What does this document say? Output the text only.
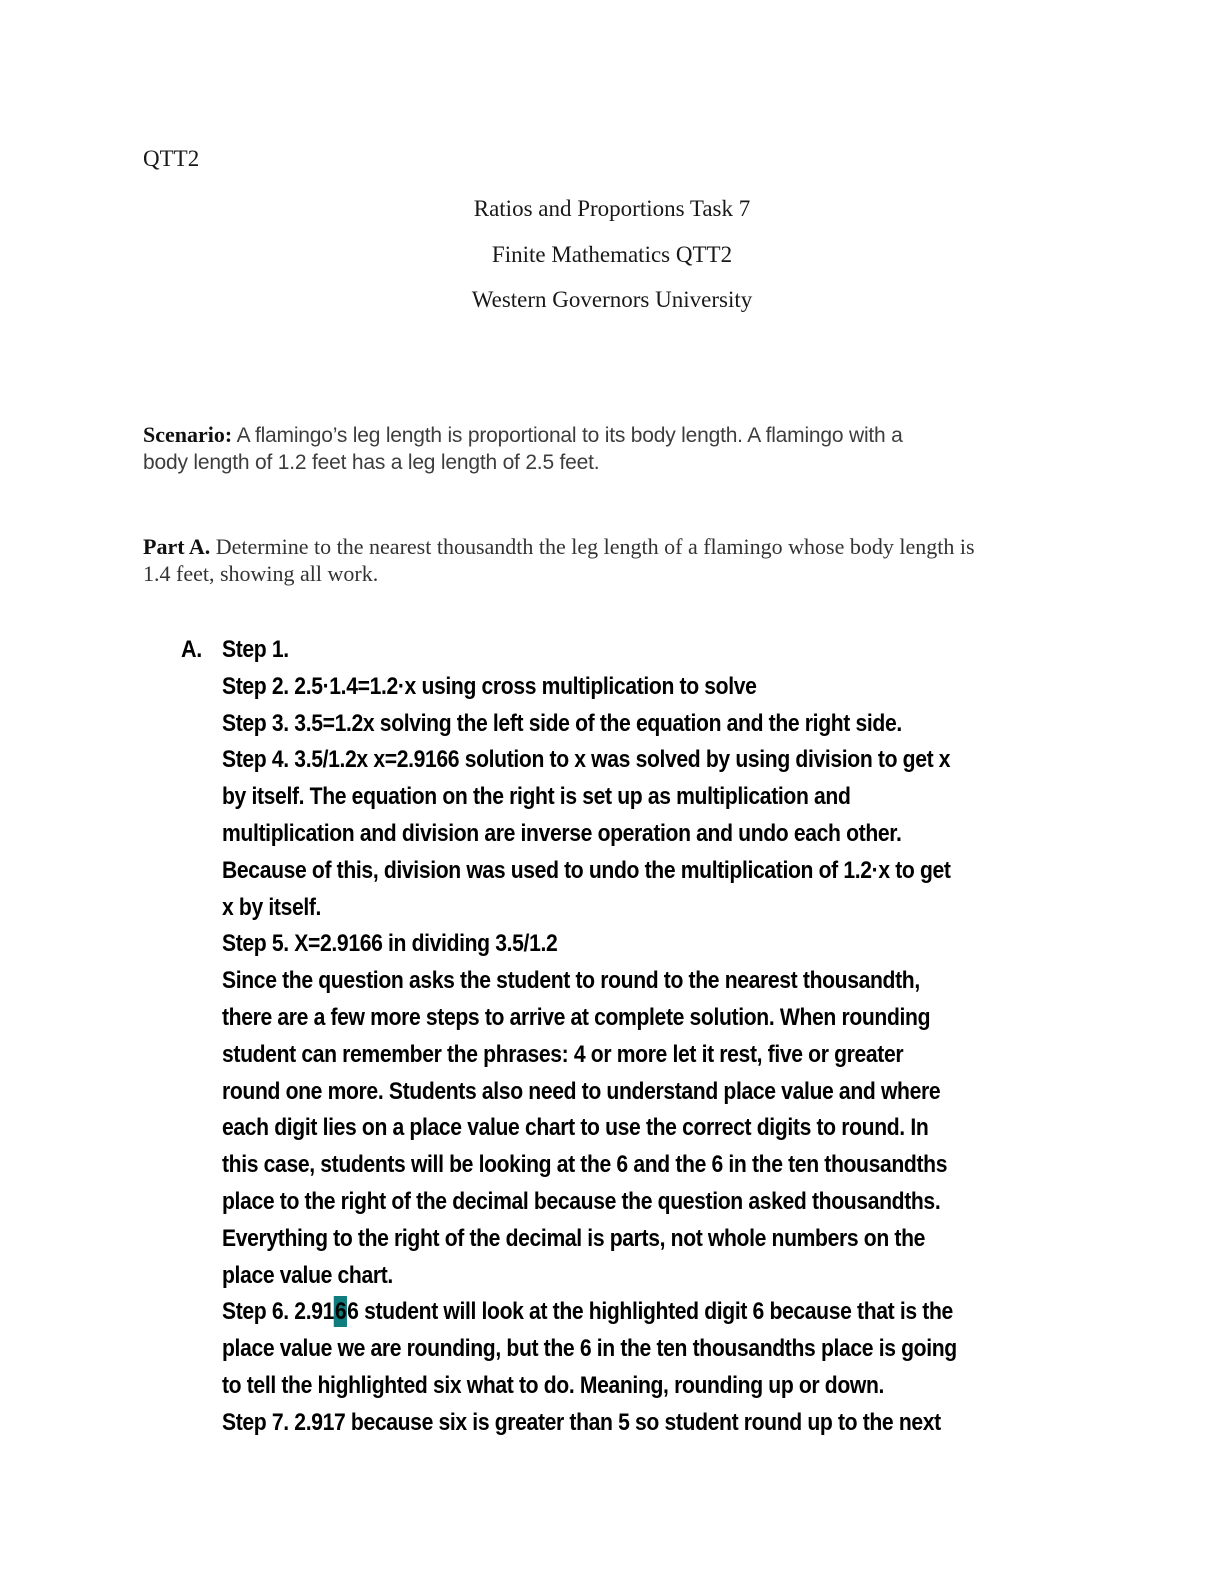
QTT2
Ratios and Proportions Task 7
Finite Mathematics QTT2
Western Governors University
Scenario: A flamingo’s leg length is proportional to its body length. A flamingo with a
body length of 1.2 feet has a leg length of 2.5 feet.
Part A. Determine to the nearest thousandth the leg length of a flamingo whose body length is
1.4 feet, showing all work.
A. Step 1.
Step 2. 2.5·1.4=1.2·x using cross multiplication to solve
Step 3. 3.5=1.2x solving the left side of the equation and the right side.
Step 4. 3.5/1.2x x=2.9166 solution to x was solved by using division to get x
by itself. The equation on the right is set up as multiplication and
multiplication and division are inverse operation and undo each other.
Because of this, division was used to undo the multiplication of 1.2·x to get
x by itself.
Step 5. X=2.9166 in dividing 3.5/1.2
Since the question asks the student to round to the nearest thousandth,
there are a few more steps to arrive at complete solution. When rounding
student can remember the phrases: 4 or more let it rest, five or greater
round one more. Students also need to understand place value and where
each digit lies on a place value chart to use the correct digits to round. In
this case, students will be looking at the 6 and the 6 in the ten thousandths
place to the right of the decimal because the question asked thousandths.
Everything to the right of the decimal is parts, not whole numbers on the
place value chart.
Step 6. 2.9166 student will look at the highlighted digit 6 because that is the
place value we are rounding, but the 6 in the ten thousandths place is going
to tell the highlighted six what to do. Meaning, rounding up or down.
Step 7. 2.917 because six is greater than 5 so student round up to the next
